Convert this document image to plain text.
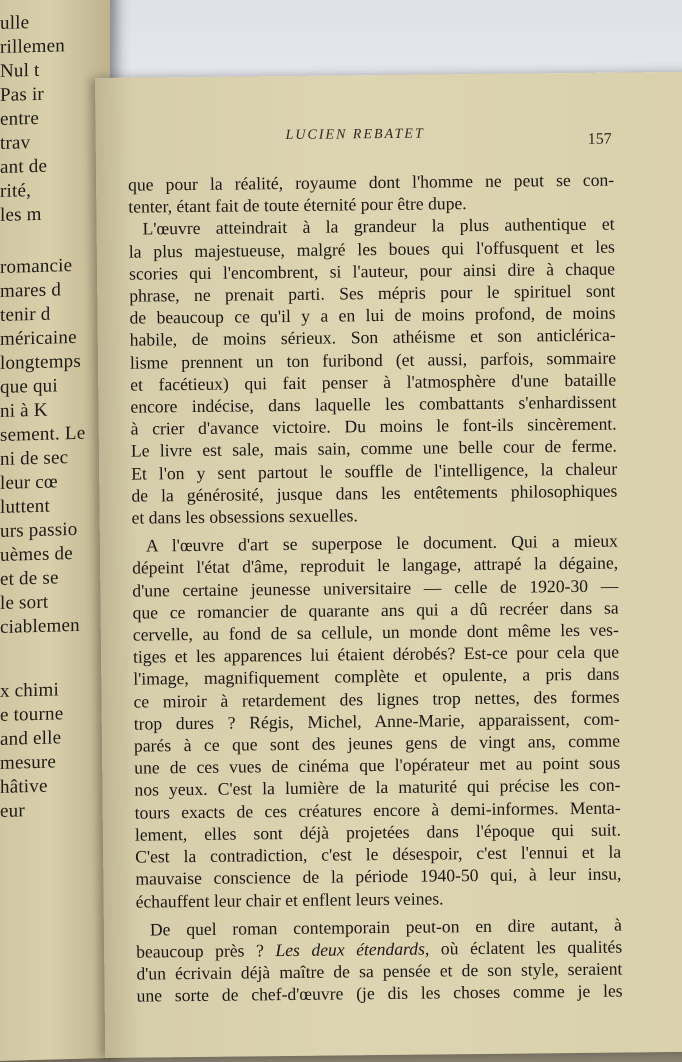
ulle
rillemen
Nul t
Pas ir
entre
trav
ant de
rité,
les m
romancie
mares d
tenir d
méricaine
longtemps
que qui
ni à K
sement. Le
ni de sec
leur cœ
luttent
urs passio
uèmes de
et de se
le sort
ciablemen
x chimi
e tourne
and elle
mesure
hâtive
eur
LUCIEN REBATET	157
que pour la réalité, royaume dont l'homme ne peut se con-
tenter, étant fait de toute éternité pour être dupe.
L'œuvre atteindrait à la grandeur la plus authentique et
la plus majestueuse, malgré les boues qui l'offusquent et les
scories qui l'encombrent, si l'auteur, pour ainsi dire à chaque
phrase, ne prenait parti. Ses mépris pour le spirituel sont
de beaucoup ce qu'il y a en lui de moins profond, de moins
habile, de moins sérieux. Son athéisme et son anticlérica-
lisme prennent un ton furibond (et aussi, parfois, sommaire
et facétieux) qui fait penser à l'atmosphère d'une bataille
encore indécise, dans laquelle les combattants s'enhardissent
à crier d'avance victoire. Du moins le font-ils sincèrement.
Le livre est sale, mais sain, comme une belle cour de ferme.
Et l'on y sent partout le souffle de l'intelligence, la chaleur
de la générosité, jusque dans les entêtements philosophiques
et dans les obsessions sexuelles.
A l'œuvre d'art se superpose le document. Qui a mieux
dépeint l'état d'âme, reproduit le langage, attrapé la dégaine,
d'une certaine jeunesse universitaire — celle de 1920-30 —
que ce romancier de quarante ans qui a dû recréer dans sa
cervelle, au fond de sa cellule, un monde dont même les ves-
tiges et les apparences lui étaient dérobés? Est-ce pour cela que
l'image, magnifiquement complète et opulente, a pris dans
ce miroir à retardement des lignes trop nettes, des formes
trop dures ? Régis, Michel, Anne-Marie, apparaissent, com-
parés à ce que sont des jeunes gens de vingt ans, comme
une de ces vues de cinéma que l'opérateur met au point sous
nos yeux. C'est la lumière de la maturité qui précise les con-
tours exacts de ces créatures encore à demi-informes. Menta-
lement, elles sont déjà projetées dans l'époque qui suit.
C'est la contradiction, c'est le désespoir, c'est l'ennui et la
mauvaise conscience de la période 1940-50 qui, à leur insu,
échauffent leur chair et enflent leurs veines.
De quel roman contemporain peut-on en dire autant, à
beaucoup près ? Les deux étendards, où éclatent les qualités
d'un écrivain déjà maître de sa pensée et de son style, seraient
une sorte de chef-d'œuvre (je dis les choses comme je les
